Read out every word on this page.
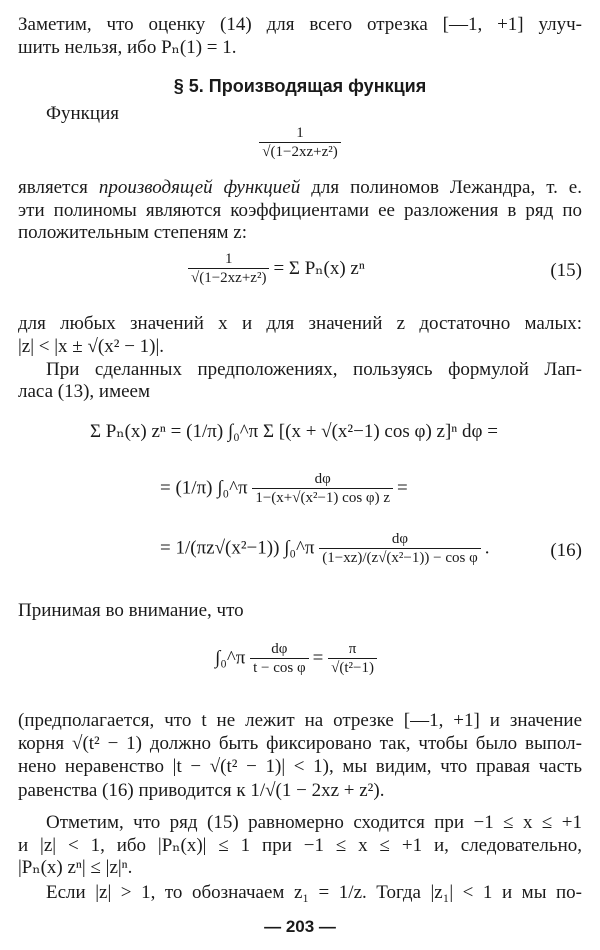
Заметим, что оценку (14) для всего отрезка [—1, +1] улуч-
шить нельзя, ибо Pₙ(1) = 1.
§ 5. Производящая функция
Функция
$\frac{1}{\text{√(1−2xz+z²)}}$
является производящей функцией для полиномов Лежандра, т. е.
эти полиномы являются коэффициентами ее разложения в ряд по
положительным степеням z:
$\frac{1}{\text{√(1−2xz+z²)}} = \Sigma$ Pₙ(x) zⁿ	(15)
для любых значений x и для значений z достаточно малых:
|z| < |x ± √(x² − 1)|.
При сделанных предположениях, пользуясь формулой Лап-
ласа (13), имеем
Σ Pₙ(x) zⁿ = (1/π) ∫₀^π Σ [(x + √(x²−1) cos φ) z]ⁿ dφ =
= (1/π) ∫₀^π $\frac{d\varphi}{\text{1−(x+√(x²−1) cos φ) z}}$ =
= 1/(πz√(x²−1)) ∫₀^π $\frac{d\varphi}{\text{(1−xz)/(z√(x²−1)) − cos φ}}$ .	(16)
Принимая во внимание, что
∫₀^π $\frac{d\varphi}{\text{t − cos φ}} = \frac{\pi}{\text{√(t²−1)}}$
(предполагается, что t не лежит на отрезке [—1, +1] и значение
корня √(t² − 1) должно быть фиксировано так, чтобы было выпол-
нено неравенство |t − √(t² − 1)| < 1), мы видим, что правая часть
равенства (16) приводится к 1/√(1 − 2xz + z²).
Отметим, что ряд (15) равномерно сходится при −1 ≤ x ≤ +1
и |z| < 1, ибо |Pₙ(x)| ≤ 1 при −1 ≤ x ≤ +1 и, следовательно,
|Pₙ(x) zⁿ| ≤ |z|ⁿ.
Если |z| > 1, то обозначаем z₁ = 1/z. Тогда |z₁| < 1 и мы по-
— 203 —
